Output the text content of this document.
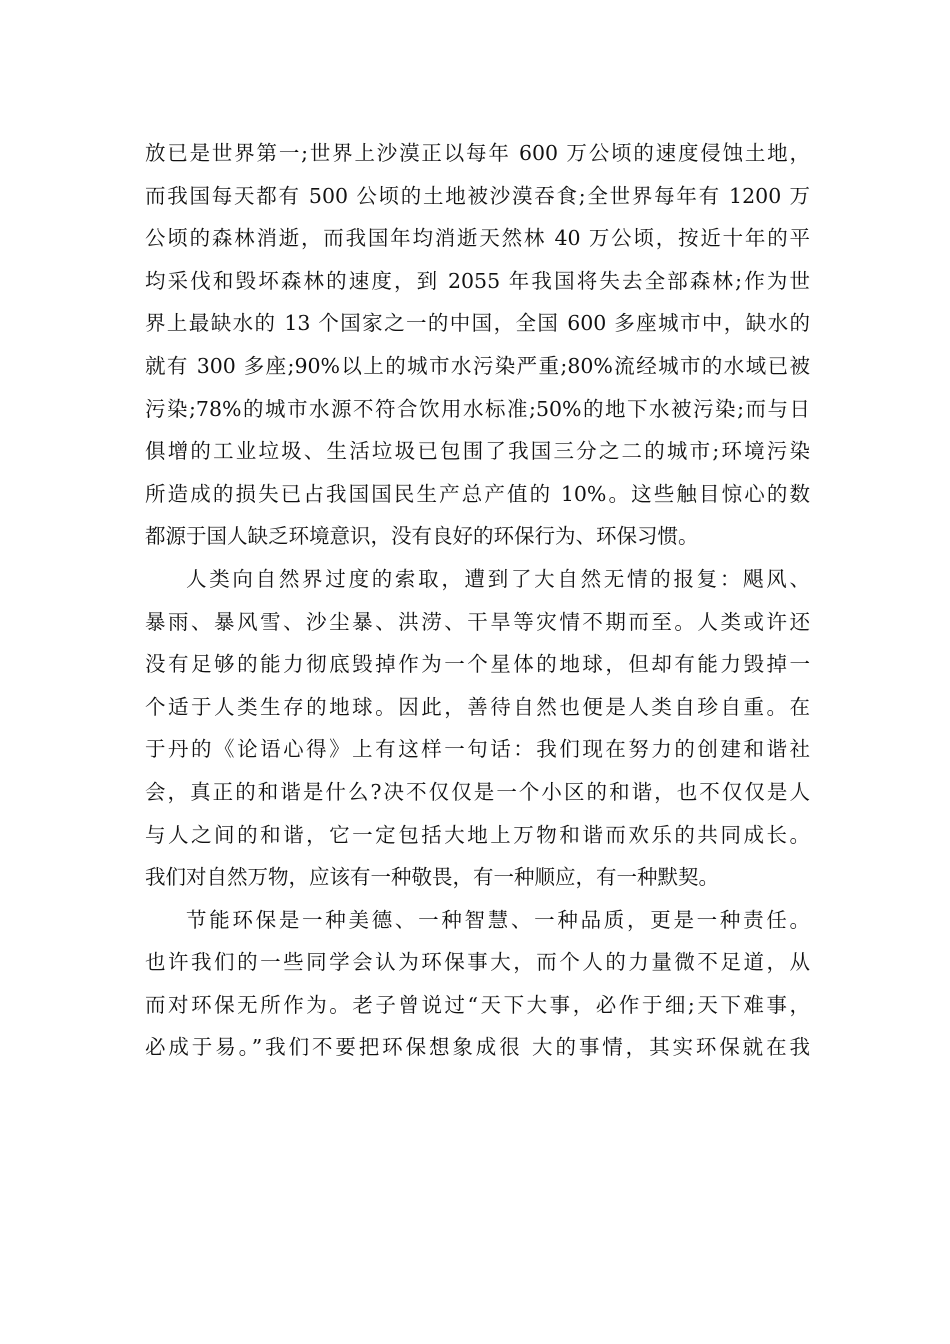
放已是世界第一;世界上沙漠正以每年 600 万公顷的速度侵蚀土地，
而我国每天都有 500 公顷的土地被沙漠吞食;全世界每年有 1200 万
公顷的森林消逝，而我国年均消逝天然林 40 万公顷，按近十年的平
均采伐和毁坏森林的速度，到 2055 年我国将失去全部森林;作为世
界上最缺水的 13 个国家之一的中国，全国 600 多座城市中，缺水的
就有 300 多座;90%以上的城市水污染严重;80%流经城市的水域已被
污染;78%的城市水源不符合饮用水标准;50%的地下水被污染;而与日
俱增的工业垃圾、生活垃圾已包围了我国三分之二的城市;环境污染
所造成的损失已占我国国民生产总产值的 10%。这些触目惊心的数
都源于国人缺乏环境意识，没有良好的环保行为、环保习惯。
人类向自然界过度的索取，遭到了大自然无情的报复：飓风、
暴雨、暴风雪、沙尘暴、洪涝、干旱等灾情不期而至。人类或许还
没有足够的能力彻底毁掉作为一个星体的地球，但却有能力毁掉一
个适于人类生存的地球。因此，善待自然也便是人类自珍自重。在
于丹的《论语心得》上有这样一句话：我们现在努力的创建和谐社
会，真正的和谐是什么?决不仅仅是一个小区的和谐，也不仅仅是人
与人之间的和谐，它一定包括大地上万物和谐而欢乐的共同成长。
我们对自然万物，应该有一种敬畏，有一种顺应，有一种默契。
节能环保是一种美德、一种智慧、一种品质，更是一种责任。
也许我们的一些同学会认为环保事大，而个人的力量微不足道，从
而对环保无所作为。老子曾说过“天下大事，必作于细;天下难事，
必成于易。”我们不要把环保想象成很 大的事情，其实环保就在我
